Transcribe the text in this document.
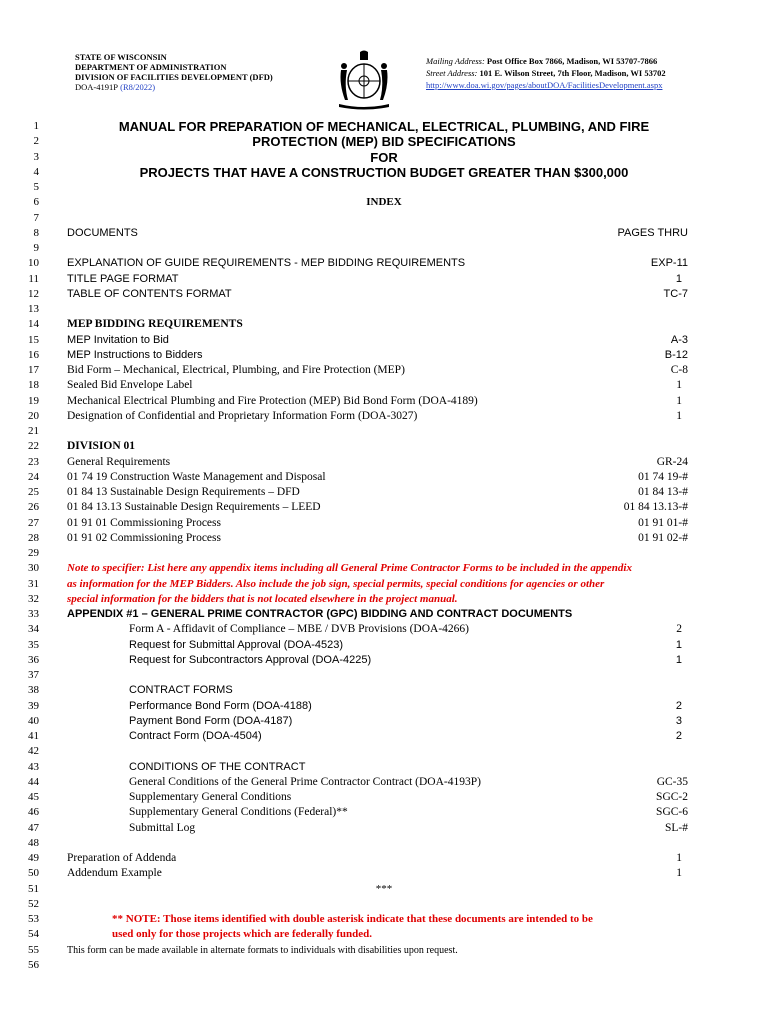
STATE OF WISCONSIN
DEPARTMENT OF ADMINISTRATION
DIVISION OF FACILITIES DEVELOPMENT (DFD)
DOA-4191P (R8/2022)
Mailing Address: Post Office Box 7866, Madison, WI 53707-7866
Street Address: 101 E. Wilson Street, 7th Floor, Madison, WI 53702
http://www.doa.wi.gov/pages/aboutDOA/FacilitiesDevelopment.aspx
1	MANUAL FOR PREPARATION OF MECHANICAL, ELECTRICAL, PLUMBING, AND FIRE
2	PROTECTION (MEP) BID SPECIFICATIONS
3	FOR
4	PROJECTS THAT HAVE A CONSTRUCTION BUDGET GREATER THAN $300,000
5
6	INDEX
7
8	DOCUMENTS	PAGES THRU
9
10	EXPLANATION OF GUIDE REQUIREMENTS - MEP BIDDING REQUIREMENTS	EXP-11
11	TITLE PAGE FORMAT	1
12	TABLE OF CONTENTS FORMAT	TC-7
13
14 MEP BIDDING REQUIREMENTS
15	MEP Invitation to Bid	A-3
16	MEP Instructions to Bidders	B-12
17 Bid Form – Mechanical, Electrical, Plumbing, and Fire Protection (MEP)	C-8
18 Sealed Bid Envelope Label	1
19 Mechanical Electrical Plumbing and Fire Protection (MEP) Bid Bond Form (DOA-4189)	1
20 Designation of Confidential and Proprietary Information Form (DOA-3027)	1
21
22 DIVISION 01
23 General Requirements	GR-24
24 01 74 19 Construction Waste Management and Disposal	01 74 19-#
25 01 84 13 Sustainable Design Requirements – DFD	01 84 13-#
26 01 84 13.13 Sustainable Design Requirements – LEED	01 84 13.13-#
27 01 91 01 Commissioning Process	01 91 01-#
28 01 91 02 Commissioning Process	01 91 02-#
29
30	Note to specifier: List here any appendix items including all General Prime Contractor Forms to be included in the appendix
31	as information for the MEP Bidders. Also include the job sign, special permits, special conditions for agencies or other
32	special information for the bidders that is not located elsewhere in the project manual.
33	APPENDIX #1 – GENERAL PRIME CONTRACTOR (GPC) BIDDING AND CONTRACT DOCUMENTS
34	Form A - Affidavit of Compliance – MBE / DVB Provisions (DOA-4266)	2
35	Request for Submittal Approval (DOA-4523)	1
36	Request for Subcontractors Approval (DOA-4225)	1
37
38	CONTRACT FORMS
39	Performance Bond Form (DOA-4188)	2
40	Payment Bond Form (DOA-4187)	3
41	Contract Form (DOA-4504)	2
42
43	CONDITIONS OF THE CONTRACT
44	General Conditions of the General Prime Contractor Contract (DOA-4193P)	GC-35
45	Supplementary General Conditions	SGC-2
46	Supplementary General Conditions (Federal)**	SGC-6
47	Submittal Log	SL-#
48
49 Preparation of Addenda	1
50 Addendum Example	1
51	***
52
53	** NOTE: Those items identified with double asterisk indicate that these documents are intended to be
54	used only for those projects which are federally funded.
55	This form can be made available in alternate formats to individuals with disabilities upon request.
56
